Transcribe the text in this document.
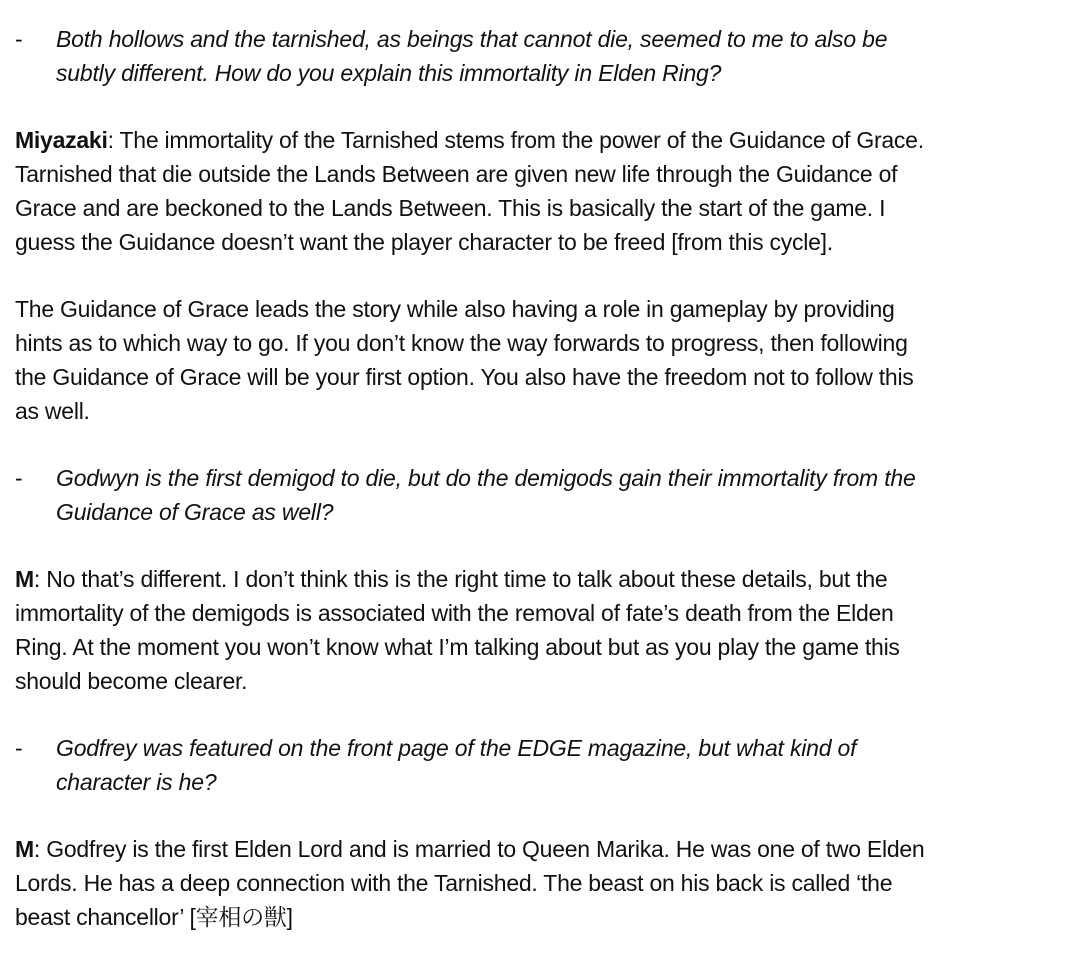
- Both hollows and the tarnished, as beings that cannot die, seemed to me to also be
subtly different. How do you explain this immortality in Elden Ring?
Miyazaki: The immortality of the Tarnished stems from the power of the Guidance of Grace.
Tarnished that die outside the Lands Between are given new life through the Guidance of
Grace and are beckoned to the Lands Between. This is basically the start of the game. I
guess the Guidance doesn’t want the player character to be freed [from this cycle].
The Guidance of Grace leads the story while also having a role in gameplay by providing
hints as to which way to go. If you don’t know the way forwards to progress, then following
the Guidance of Grace will be your first option. You also have the freedom not to follow this
as well.
- Godwyn is the first demigod to die, but do the demigods gain their immortality from the
Guidance of Grace as well?
M: No that’s different. I don’t think this is the right time to talk about these details, but the
immortality of the demigods is associated with the removal of fate’s death from the Elden
Ring. At the moment you won’t know what I’m talking about but as you play the game this
should become clearer.
- Godfrey was featured on the front page of the EDGE magazine, but what kind of
character is he?
M: Godfrey is the first Elden Lord and is married to Queen Marika. He was one of two Elden
Lords. He has a deep connection with the Tarnished. The beast on his back is called ‘the
beast chancellor’ [宰相の獣]
